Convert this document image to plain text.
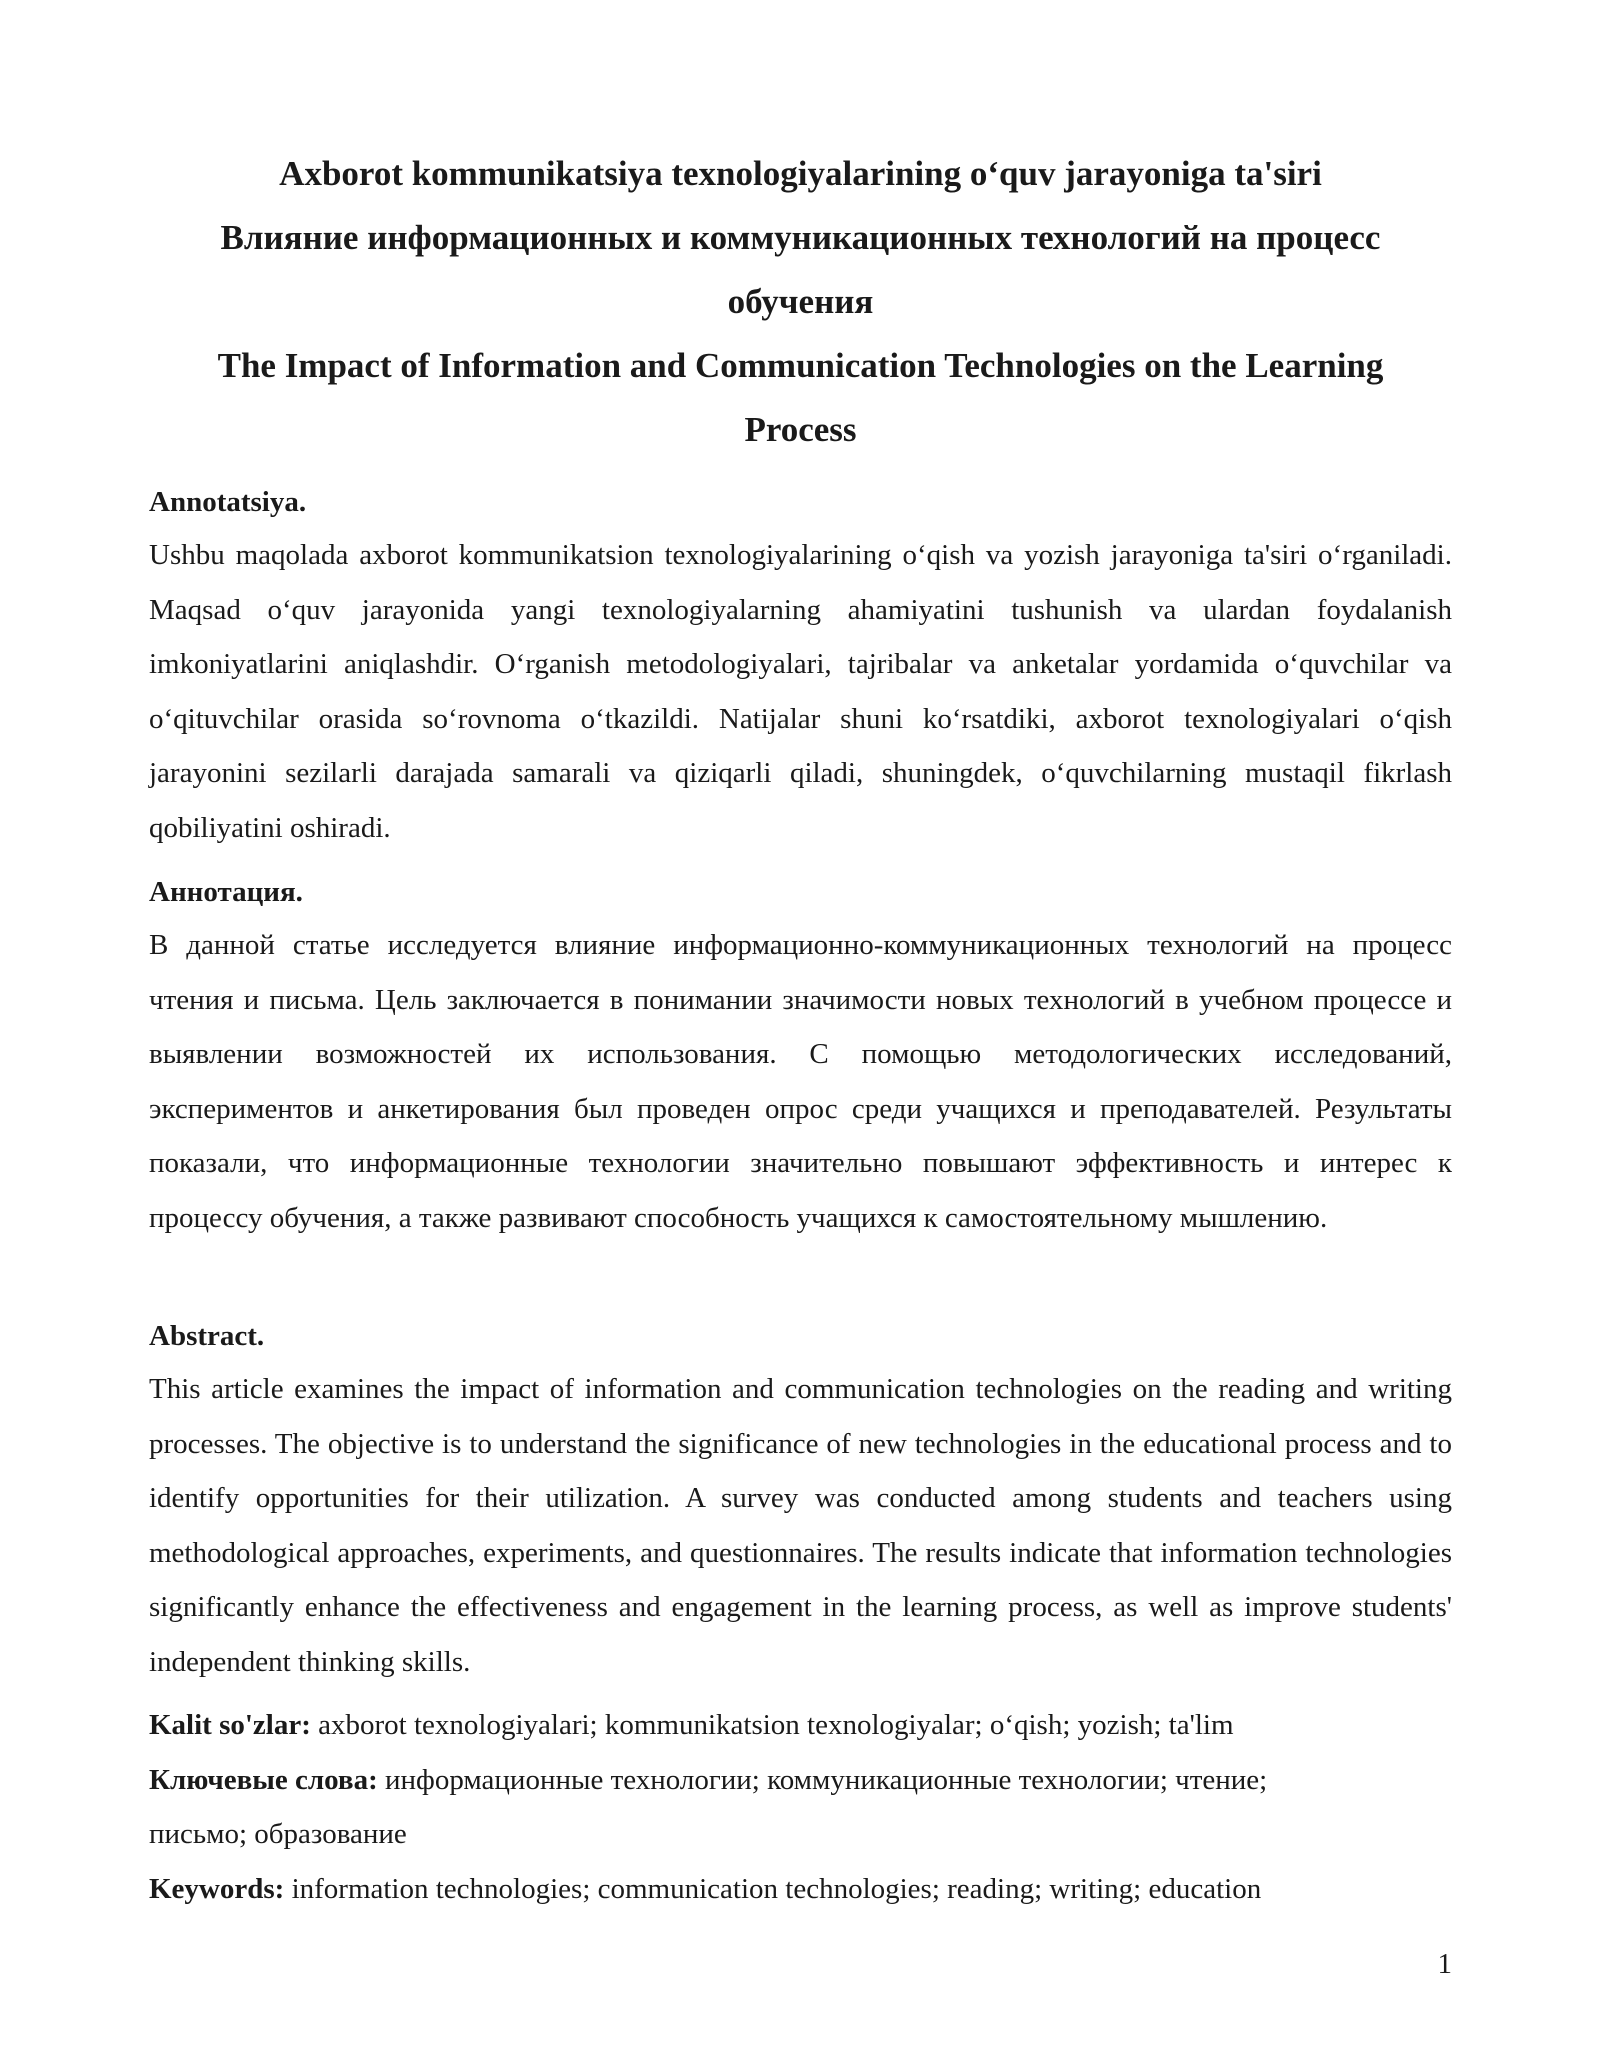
Axborot kommunikatsiya texnologiyalarining o‘quv jarayoniga ta'siri

Влияние информационных и коммуникационных технологий на процесс обучения

The Impact of Information and Communication Technologies on the Learning Process

Annotatsiya.

Ushbu maqolada axborot kommunikatsion texnologiyalarining o‘qish va yozish jarayoniga ta'siri o‘rganiladi. Maqsad o‘quv jarayonida yangi texnologiyalarning ahamiyatini tushunish va ulardan foydalanish imkoniyatlarini aniqlashdir. O‘rganish metodologiyalari, tajribalar va anketalar yordamida o‘quvchilar va o‘qituvchilar orasida so‘rovnoma o‘tkazildi. Natijalar shuni ko‘rsatdiki, axborot texnologiyalari o‘qish jarayonini sezilarli darajada samarali va qiziqarli qiladi, shuningdek, o‘quvchilarning mustaqil fikrlash qobiliyatini oshiradi.

Аннотация.

В данной статье исследуется влияние информационно-коммуникационных технологий на процесс чтения и письма. Цель заключается в понимании значимости новых технологий в учебном процессе и выявлении возможностей их использования. С помощью методологических исследований, экспериментов и анкетирования был проведен опрос среди учащихся и преподавателей. Результаты показали, что информационные технологии значительно повышают эффективность и интерес к процессу обучения, а также развивают способность учащихся к самостоятельному мышлению.

Abstract.

This article examines the impact of information and communication technologies on the reading and writing processes. The objective is to understand the significance of new technologies in the educational process and to identify opportunities for their utilization. A survey was conducted among students and teachers using methodological approaches, experiments, and questionnaires. The results indicate that information technologies significantly enhance the effectiveness and engagement in the learning process, as well as improve students' independent thinking skills.

Kalit so'zlar: axborot texnologiyalari; kommunikatsion texnologiyalar; o‘qish; yozish; ta'lim

Ключевые слова: информационные технологии; коммуникационные технологии; чтение; письмо; образование

Keywords: information technologies; communication technologies; reading; writing; education

1
